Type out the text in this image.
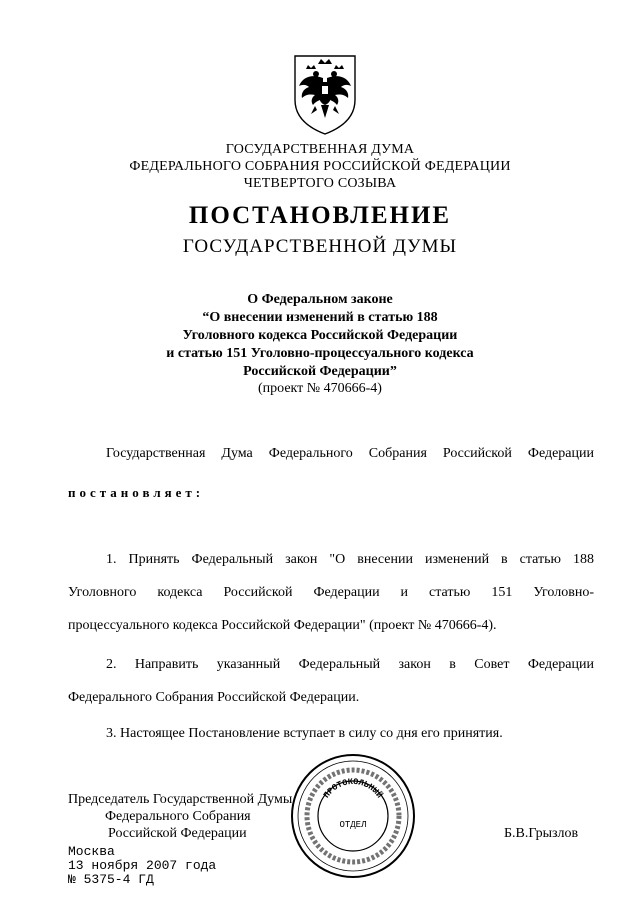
ГОСУДАРСТВЕННАЯ ДУМА
ФЕДЕРАЛЬНОГО СОБРАНИЯ РОССИЙСКОЙ ФЕДЕРАЦИИ
ЧЕТВЕРТОГО СОЗЫВА
ПОСТАНОВЛЕНИЕ
ГОСУДАРСТВЕННОЙ ДУМЫ
О Федеральном законе
“О внесении изменений в статью 188
Уголовного кодекса Российской Федерации
и статью 151 Уголовно-процессуального кодекса
Российской Федерации”
(проект № 470666-4)
Государственная Дума Федерального Собрания Российской Федерации
постановляет:
1. Принять Федеральный закон "О внесении изменений в статью 188
Уголовного кодекса Российской Федерации и статью 151 Уголовно-
процессуального кодекса Российской Федерации" (проект № 470666-4).
2. Направить указанный Федеральный закон в Совет Федерации
Федерального Собрания Российской Федерации.
3. Настоящее Постановление вступает в силу со дня его принятия.
Председатель Государственной Думы
Федерального Собрания
Российской Федерации	Б.В.Грызлов
Москва
13 ноября 2007 года
№ 5375-4 ГД
ПРОТОКОЛЬНЫЙ
ОТДЕЛ
